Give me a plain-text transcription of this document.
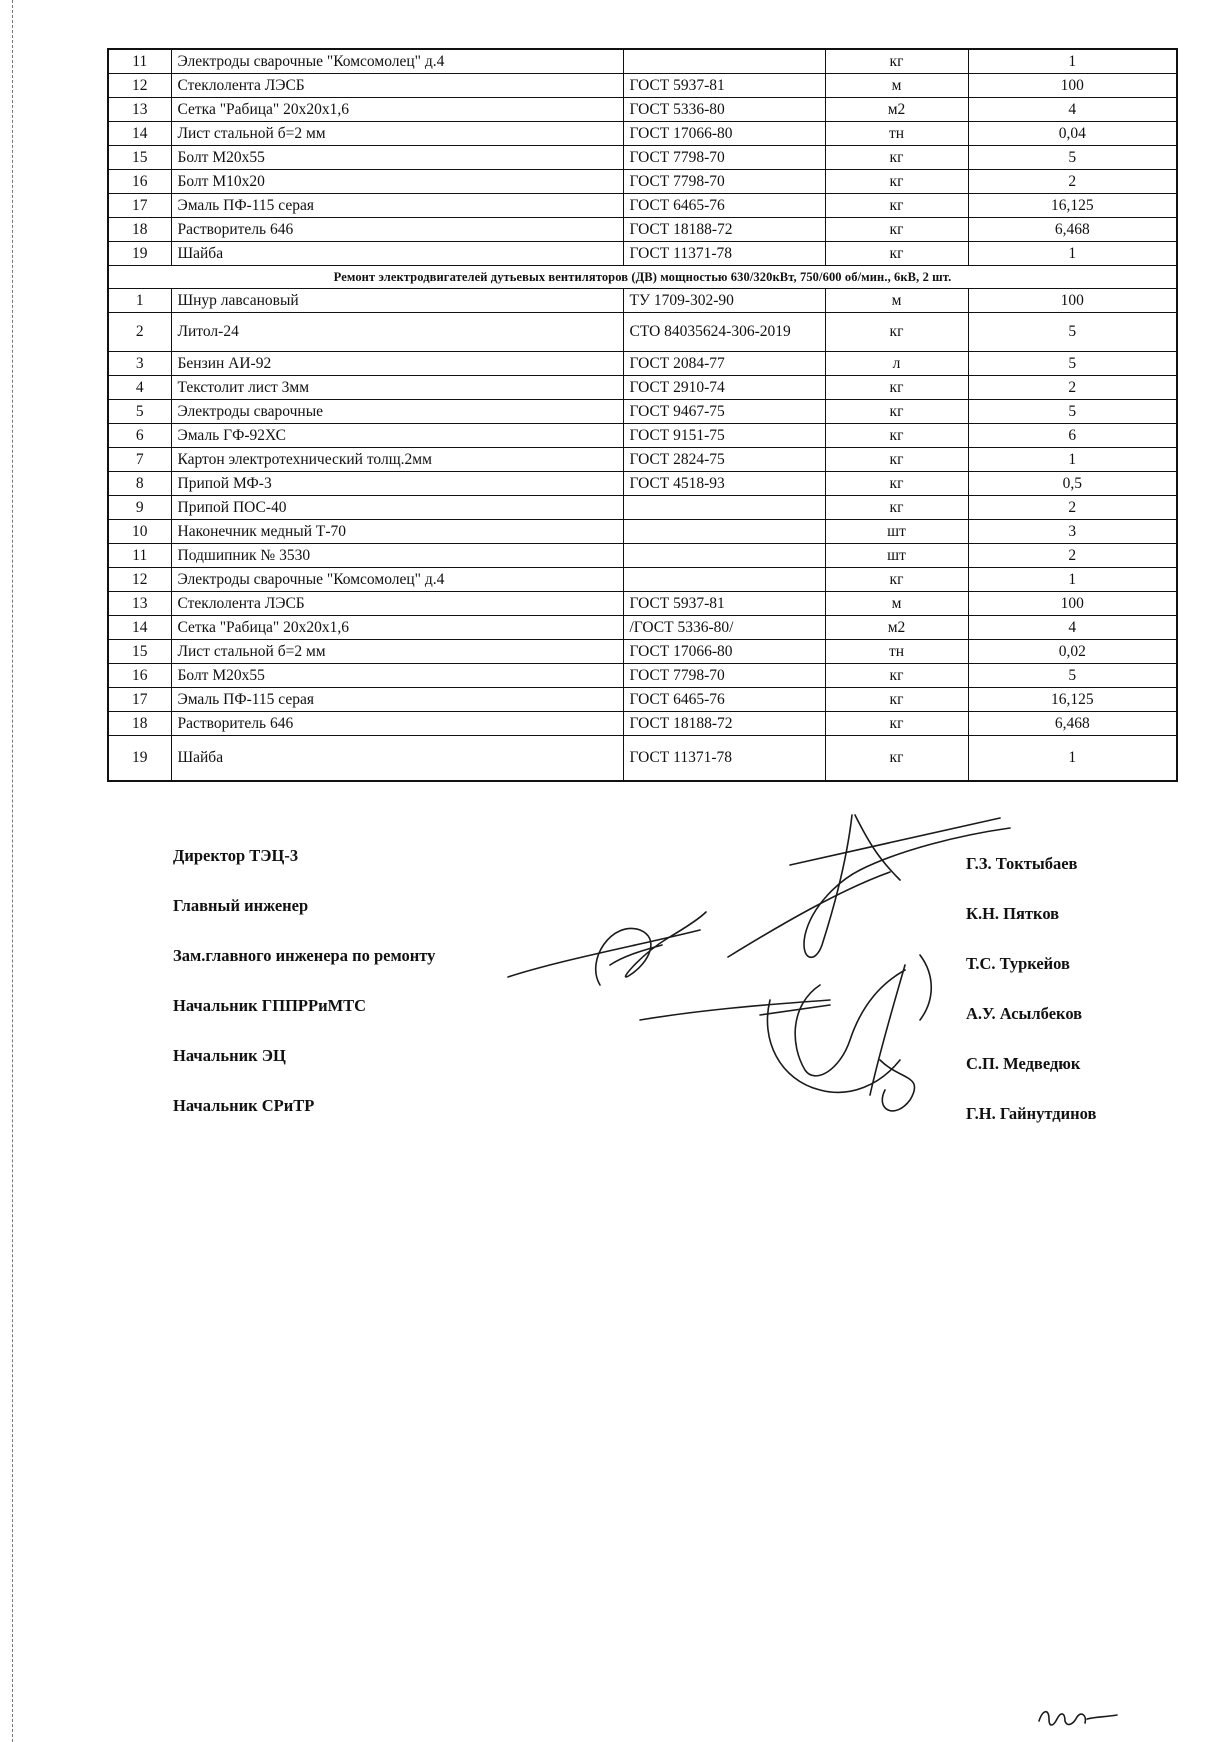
11	Электроды сварочные "Комсомолец" д.4		кг	1
12	Стеклолента ЛЭСБ	ГОСТ 5937-81	м	100
13	Сетка "Рабица" 20х20х1,6	ГОСТ 5336-80	м2	4
14	Лист стальной б=2 мм	ГОСТ 17066-80	тн	0,04
15	Болт М20х55	ГОСТ 7798-70	кг	5
16	Болт М10х20	ГОСТ 7798-70	кг	2
17	Эмаль ПФ-115 серая	ГОСТ 6465-76	кг	16,125
18	Растворитель 646	ГОСТ 18188-72	кг	6,468
19	Шайба	ГОСТ 11371-78	кг	1
Ремонт электродвигателей дутьевых вентиляторов (ДВ) мощностью 630/320кВт, 750/600 об/мин., 6кВ, 2 шт.				
1	Шнур лавсановый	ТУ 1709-302-90	м	100
2	Литол-24	СТО 84035624-306-2019	кг	5
3	Бензин АИ-92	ГОСТ 2084-77	л	5
4	Текстолит лист 3мм	ГОСТ 2910-74	кг	2
5	Электроды сварочные	ГОСТ 9467-75	кг	5
6	Эмаль ГФ-92ХС	ГОСТ 9151-75	кг	6
7	Картон электротехнический толщ.2мм	ГОСТ 2824-75	кг	1
8	Припой МФ-3	ГОСТ 4518-93	кг	0,5
9	Припой ПОС-40		кг	2
10	Наконечник медный Т-70		шт	3
11	Подшипник № 3530		шт	2
12	Электроды сварочные "Комсомолец" д.4		кг	1
13	Стеклолента ЛЭСБ	ГОСТ 5937-81	м	100
14	Сетка "Рабица" 20х20х1,6	/ГОСТ 5336-80/	м2	4
15	Лист стальной б=2 мм	ГОСТ 17066-80	тн	0,02
16	Болт М20х55	ГОСТ 7798-70	кг	5
17	Эмаль ПФ-115 серая	ГОСТ 6465-76	кг	16,125
18	Растворитель 646	ГОСТ 18188-72	кг	6,468
19	Шайба	ГОСТ 11371-78	кг	1
Директор ТЭЦ-3
Главный инженер
Зам.главного инженера по ремонту
Начальник ГППРРиМТС
Начальник ЭЦ
Начальник СРиТР
Г.З. Токтыбаев
К.Н. Пятков
Т.С. Туркейов
А.У. Асылбеков
С.П. Медведюк
Г.Н. Гайнутдинов
